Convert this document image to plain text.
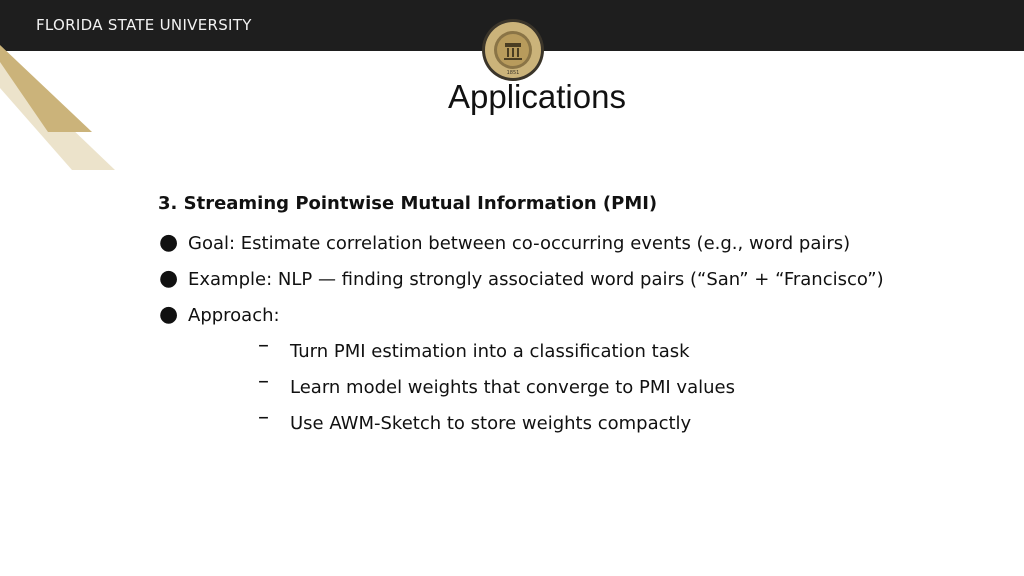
FLORIDA STATE UNIVERSITY
1851
Applications
3. Streaming Pointwise Mutual Information (PMI)
● Goal: Estimate correlation between co-occurring events (e.g., word pairs)
● Example: NLP — finding strongly associated word pairs (“San” + “Francisco”)
● Approach:
– Turn PMI estimation into a classification task
– Learn model weights that converge to PMI values
– Use AWM-Sketch to store weights compactly
